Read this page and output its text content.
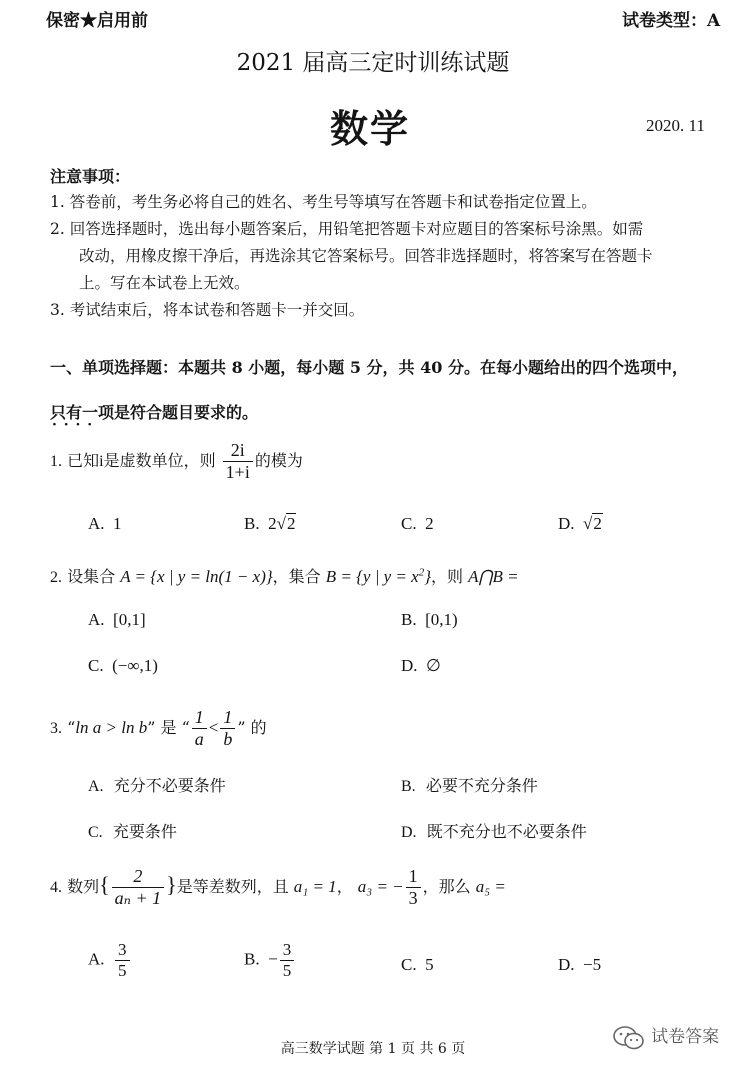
保密★启用前	试卷类型：A
2021 届高三定时训练试题
数学	2020. 11
注意事项：
1. 答卷前，考生务必将自己的姓名、考生号等填写在答题卡和试卷指定位置上。
2. 回答选择题时，选出每小题答案后，用铅笔把答题卡对应题目的答案标号涂黑。如需
改动，用橡皮擦干净后，再选涂其它答案标号。回答非选择题时，将答案写在答题卡
上。写在本试卷上无效。
3. 考试结束后，将本试卷和答题卡一并交回。
一、单项选择题：本题共 8 小题，每小题 5 分，共 40 分。在每小题给出的四个选项中，
只有一项 · · · ·是符合题目要求的。
1. 已知i是虚数单位，则 $\frac{2i}{1+i}$ 的模为
A. 1	B. 2√2	C. 2	D. √2
2. 设集合 A = {x | y = ln(1 − x)}，集合 B = {y | $y = x^2$}，则 A⋂B =
A. [0,1]	B. [0,1)
C. (−∞,1)	D. ∅
3. “ln a > ln b” 是 “ $\frac{1}{a} < \frac{1}{b}$ ” 的
A. 充分不必要条件	B. 必要不充分条件
C. 充要条件	D. 既不充分也不必要条件
4. 数列{ $\frac{2}{\text{aₙ + 1}}$ }是等差数列，且 a₁ = 1， a₃ = − $\frac{1}{3}$ ，那么 a₅ =
A. $\frac{3}{5}$	B. − $\frac{3}{5}$	C. 5	D. −5
高三数学试题 第 1 页 共 6 页
试卷答案
